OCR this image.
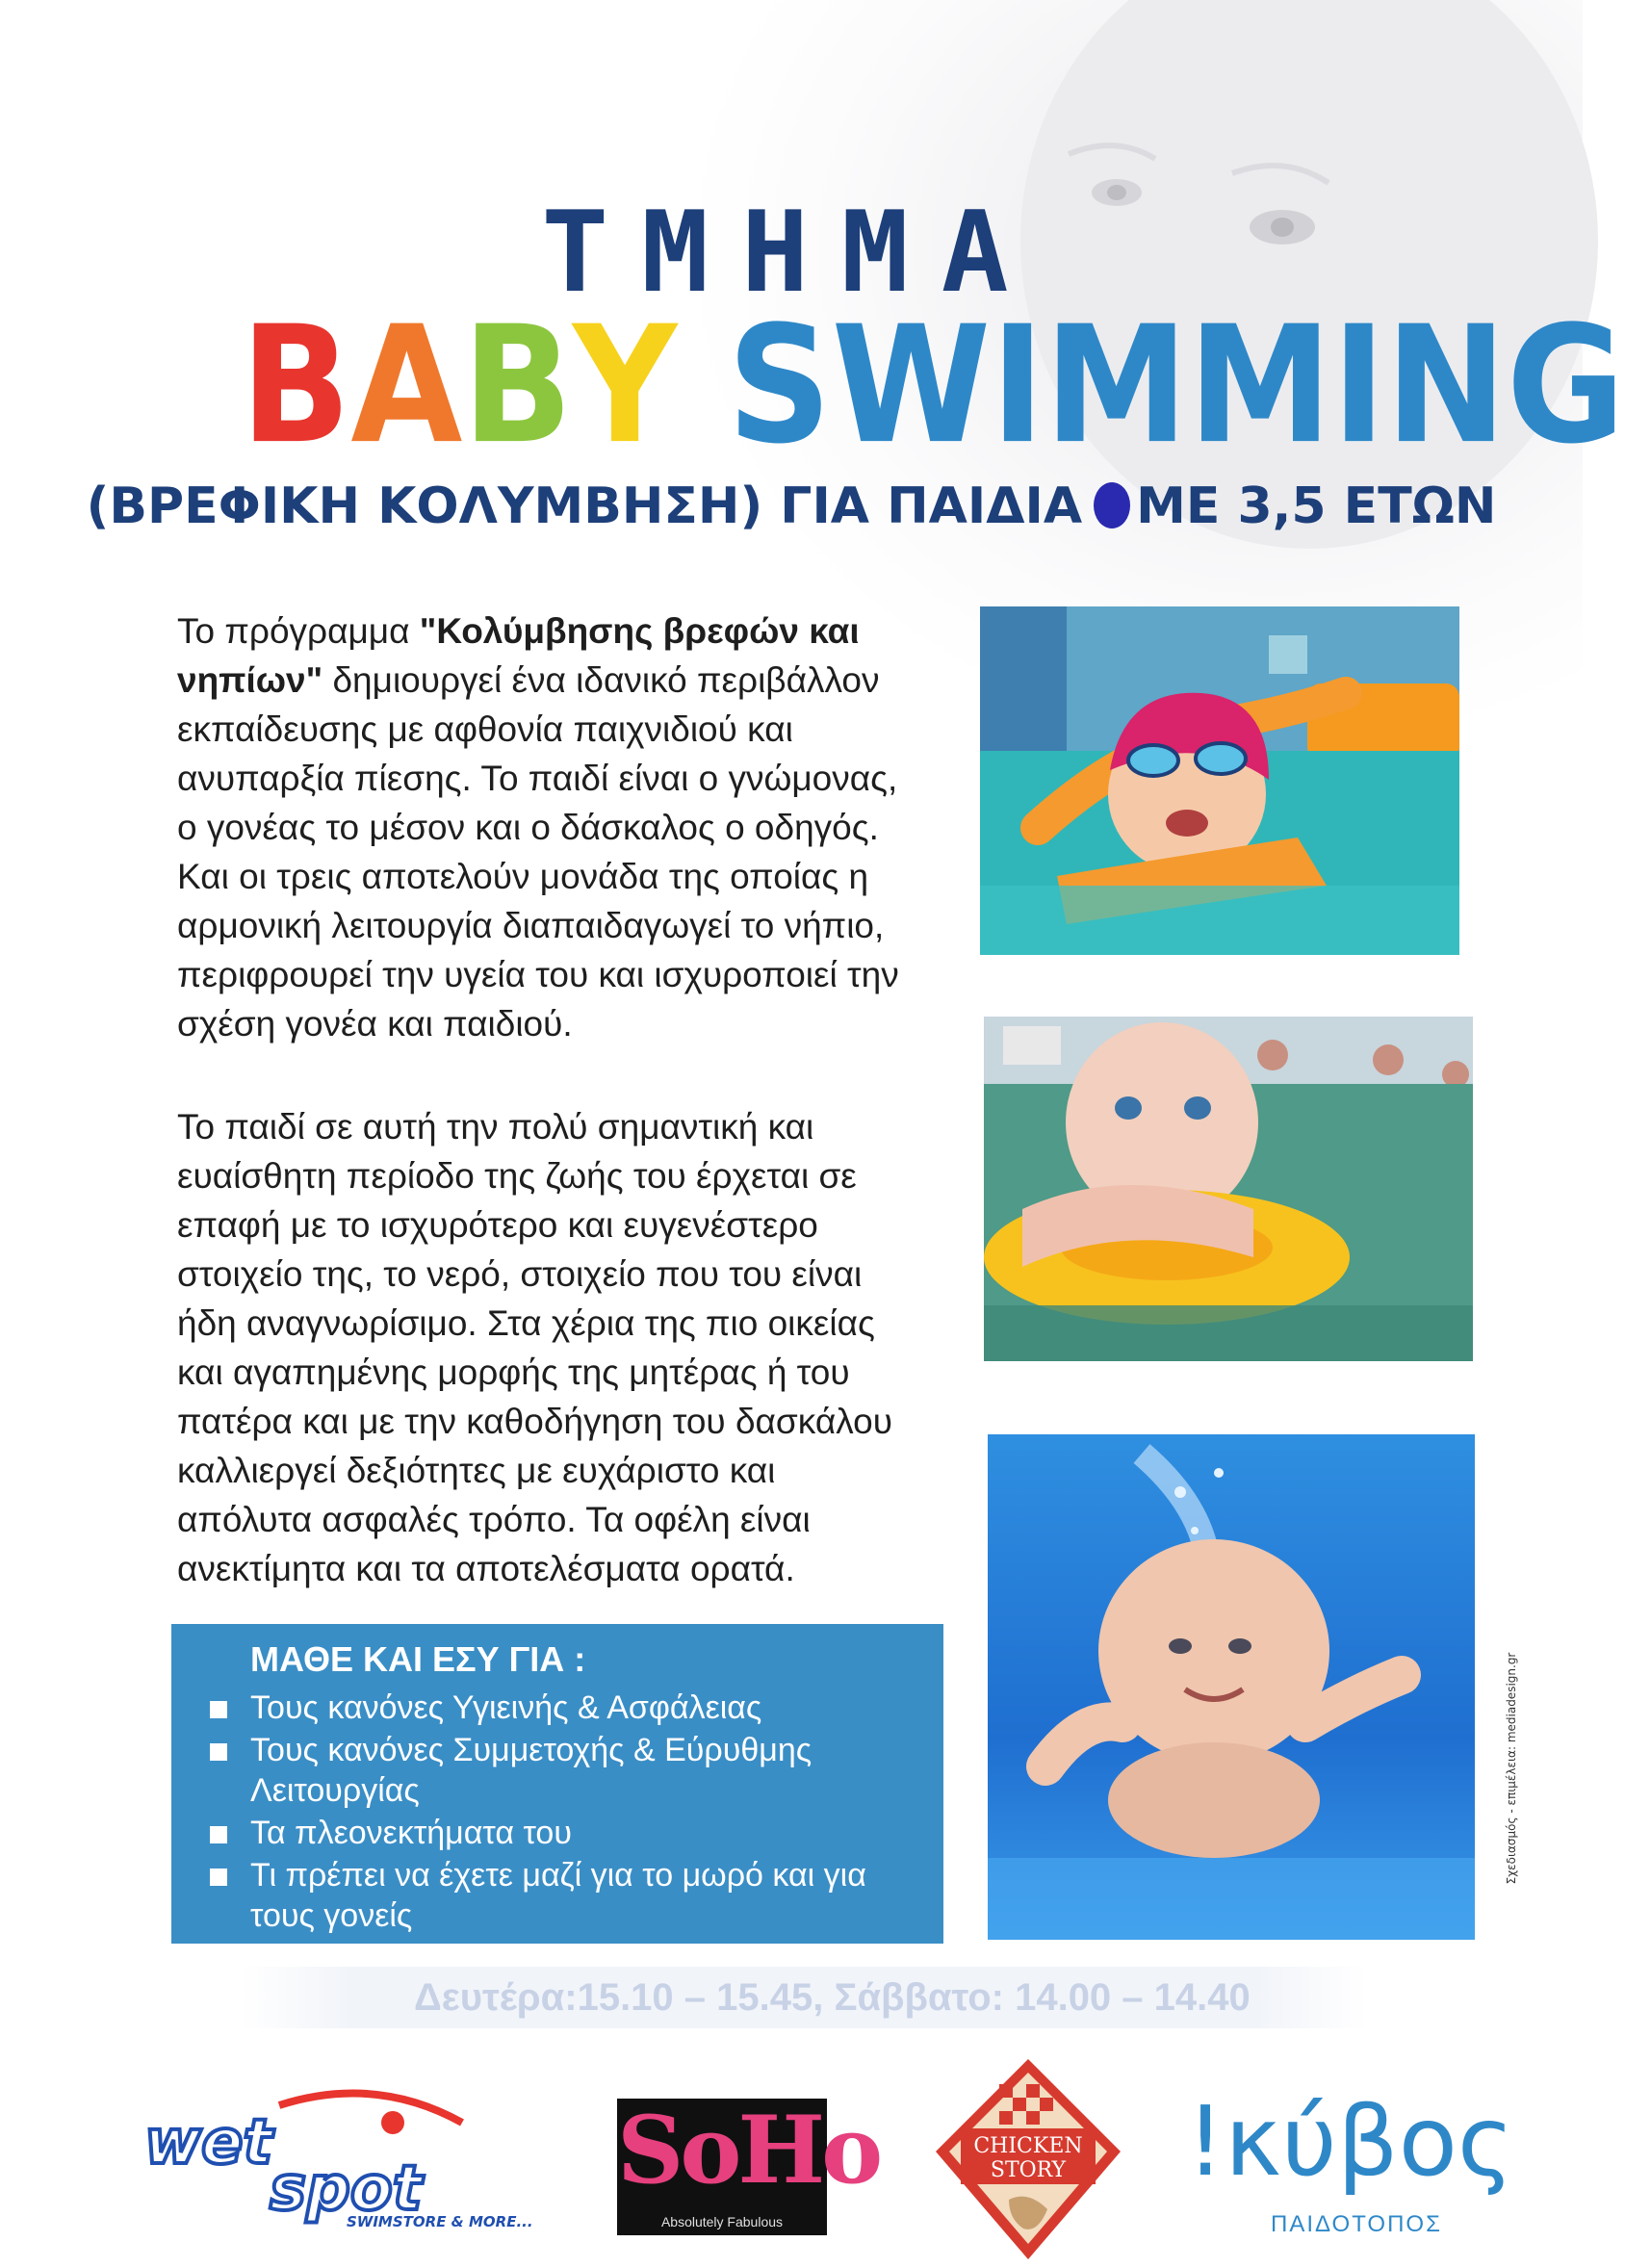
ΤΜΗΜΑ
B A B Y
S W I M M I N G
(ΒΡΕΦΙΚΗ ΚΟΛΥΜΒΗΣΗ) ΓΙΑ ΠΑΙΔΙΑ ΜΕ 3,5 ΕΤΩΝ
Το πρόγραμμα "Κολύμβησης βρεφών και νηπίων" δημιουργεί ένα ιδανικό περιβάλλον εκπαίδευσης με αφθονία παιχνιδιού και ανυπαρξία πίεσης. Το παιδί είναι ο γνώμονας, ο γονέας το μέσον και ο δάσκαλος ο οδηγός. Και οι τρεις αποτελούν μονάδα της οποίας η αρμονική λειτουργία διαπαιδαγωγεί το νήπιο, περιφρουρεί την υγεία του και ισχυροποιεί την σχέση γονέα και παιδιού.
Το παιδί σε αυτή την πολύ σημαντική και ευαίσθητη περίοδο της ζωής του έρχεται σε επαφή με το ισχυρότερο και ευγενέστερο στοιχείο της, το νερό, στοιχείο που του είναι ήδη αναγνωρίσιμο. Στα χέρια της πιο οικείας και αγαπημένης μορφής της μητέρας ή του πατέρα και με την καθοδήγηση του δασκάλου καλλιεργεί δεξιότητες με ευχάριστο και απόλυτα ασφαλές τρόπο. Τα οφέλη είναι ανεκτίμητα και τα αποτελέσματα ορατά.
ΜΑΘΕ ΚΑΙ ΕΣΥ ΓΙΑ :
Τους κανόνες Υγιεινής & Ασφάλειας
Τους κανόνες Συμμετοχής & Εύρυθμης Λειτουργίας
Τα πλεονεκτήματα του
Τι πρέπει να έχετε μαζί για το μωρό και για τους γονείς
Δευτέρα:15.10 – 15.45, Σάββατο: 14.00 – 14.40
Σχεδιασμός - επιμέλεια: mediadesign.gr
wet
spot
SWIMSTORE & MORE...
SoHo
Absolutely Fabulous
CHICKEN
STORY !κύβος
ΠΑΙΔΟΤΟΠΟΣ
